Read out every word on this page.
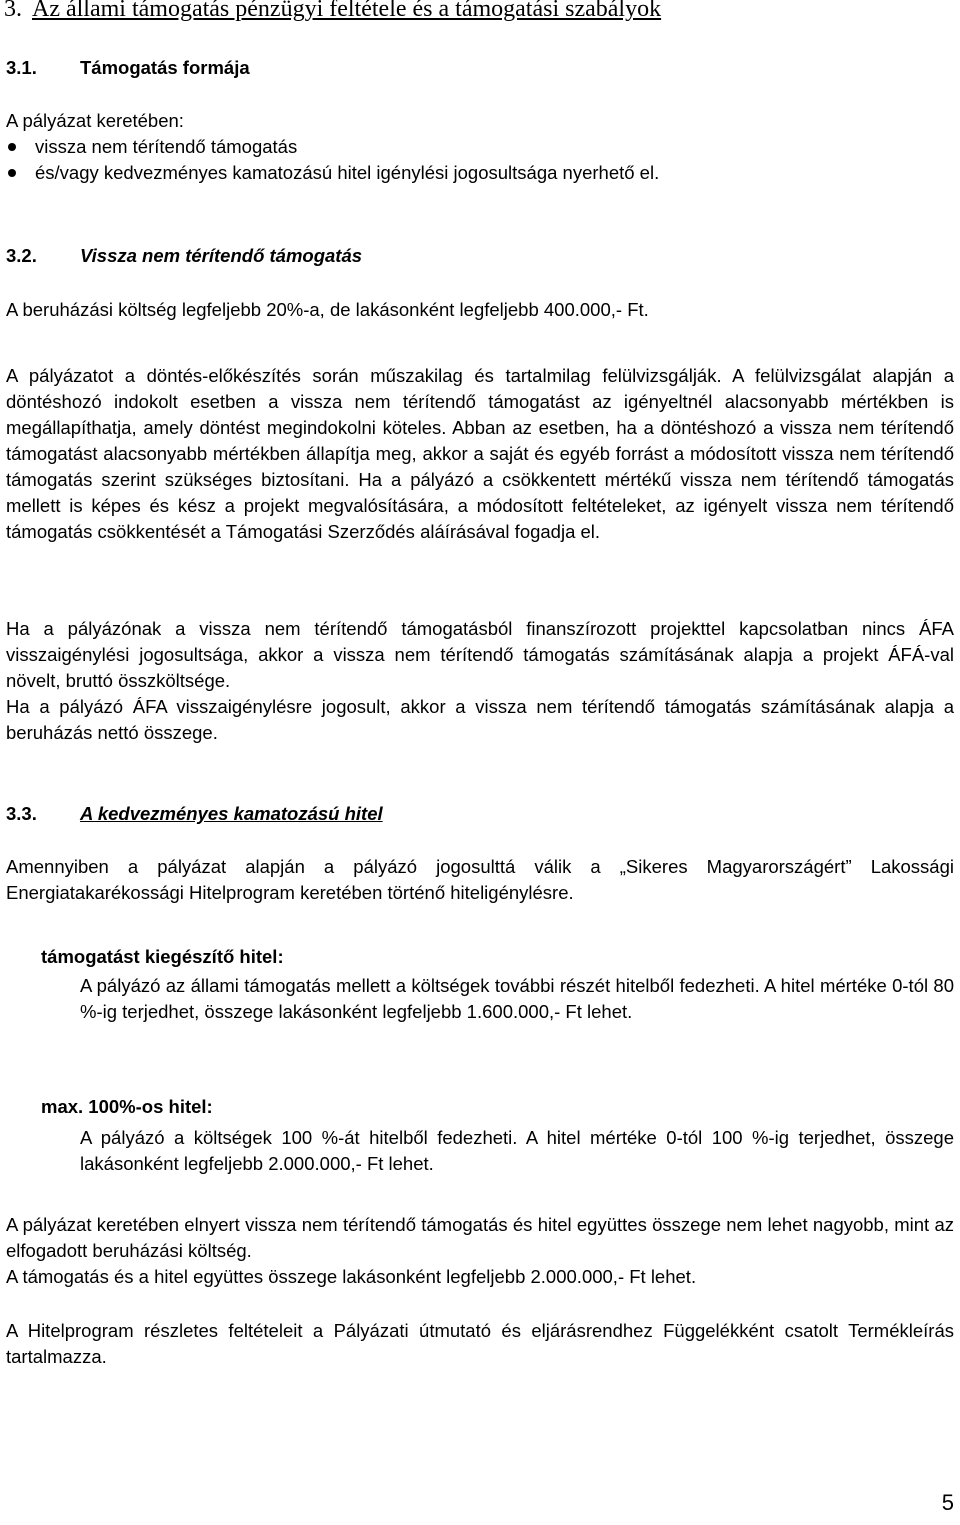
3. Az állami támogatás pénzügyi feltétele és a támogatási szabályok
3.1. Támogatás formája

A pályázat keretében:

vissza nem térítendő támogatás
és/vagy kedvezményes kamatozású hitel igénylési jogosultsága nyerhető el.
3.2. Vissza nem térítendő támogatás

A beruházási költség legfeljebb 20%-a, de lakásonként legfeljebb 400.000,- Ft.

A pályázatot a döntés-előkészítés során műszakilag és tartalmilag felülvizsgálják. A felülvizsgálat alapján a döntéshozó indokolt esetben a vissza nem térítendő támogatást az igényeltnél alacsonyabb mértékben is megállapíthatja, amely döntést megindokolni köteles. Abban az esetben, ha a döntéshozó a vissza nem térítendő támogatást alacsonyabb mértékben állapítja meg, akkor a saját és egyéb forrást a módosított vissza nem térítendő támogatás szerint szükséges biztosítani. Ha a pályázó a csökkentett mértékű vissza nem térítendő támogatás mellett is képes és kész a projekt megvalósítására, a módosított feltételeket, az igényelt vissza nem térítendő támogatás csökkentését a Támogatási Szerződés aláírásával fogadja el.

Ha a pályázónak a vissza nem térítendő támogatásból finanszírozott projekttel kapcsolatban nincs ÁFA visszaigénylési jogosultsága, akkor a vissza nem térítendő támogatás számításának alapja a projekt ÁFÁ-val növelt, bruttó összköltsége.

Ha a pályázó ÁFA visszaigénylésre jogosult, akkor a vissza nem térítendő támogatás számításának alapja a beruházás nettó összege.

3.3. A kedvezményes kamatozású hitel

Amennyiben a pályázat alapján a pályázó jogosulttá válik a „Sikeres Magyarországért” Lakossági Energiatakarékossági Hitelprogram keretében történő hiteligénylésre.

támogatást kiegészítő hitel:

A pályázó az állami támogatás mellett a költségek további részét hitelből fedezheti. A hitel mértéke 0-tól 80 %-ig terjedhet, összege lakásonként legfeljebb 1.600.000,- Ft lehet.

max. 100%-os hitel:

A pályázó a költségek 100 %-át hitelből fedezheti. A hitel mértéke 0-tól 100 %-ig terjedhet, összege lakásonként legfeljebb 2.000.000,- Ft lehet.

A pályázat keretében elnyert vissza nem térítendő támogatás és hitel együttes összege nem lehet nagyobb, mint az elfogadott beruházási költség.

A támogatás és a hitel együttes összege lakásonként legfeljebb 2.000.000,- Ft lehet.

A Hitelprogram részletes feltételeit a Pályázati útmutató és eljárásrendhez Függelékként csatolt Termékleírás tartalmazza.

5
